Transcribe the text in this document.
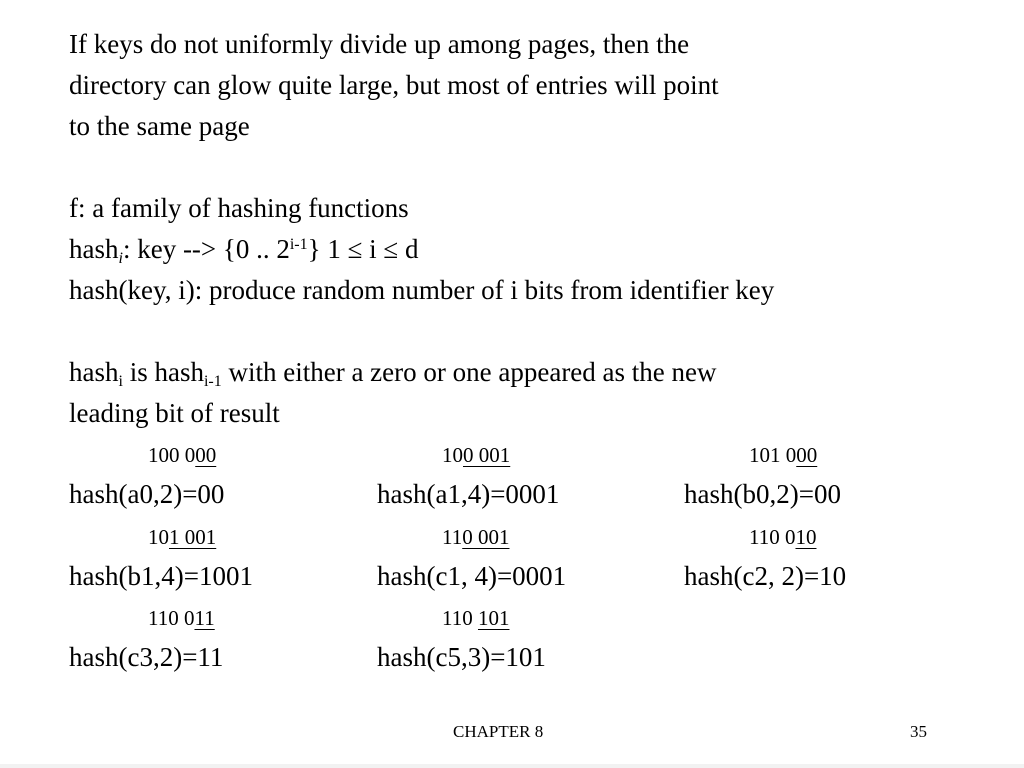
If keys do not uniformly divide up among pages, then the
directory can glow quite large, but most of entries will point
to the same page
f: a family of hashing functions
hash$_i$: key --> {0 .. 2$^{i-1}$} 1 ≤ i ≤ d
hash(key, i): produce random number of i bits from identifier key
hash$_i$ is hash$_{i-1}$ with either a zero or one appeared as the new
leading bit of result
100 000	100 001	101 000
hash(a0,2)=00	hash(a1,4)=0001	hash(b0,2)=00
101 001	110 001	110 010
hash(b1,4)=1001	hash(c1, 4)=0001	hash(c2, 2)=10
110 011	110 101
hash(c3,2)=11	hash(c5,3)=101
CHAPTER 8	35
